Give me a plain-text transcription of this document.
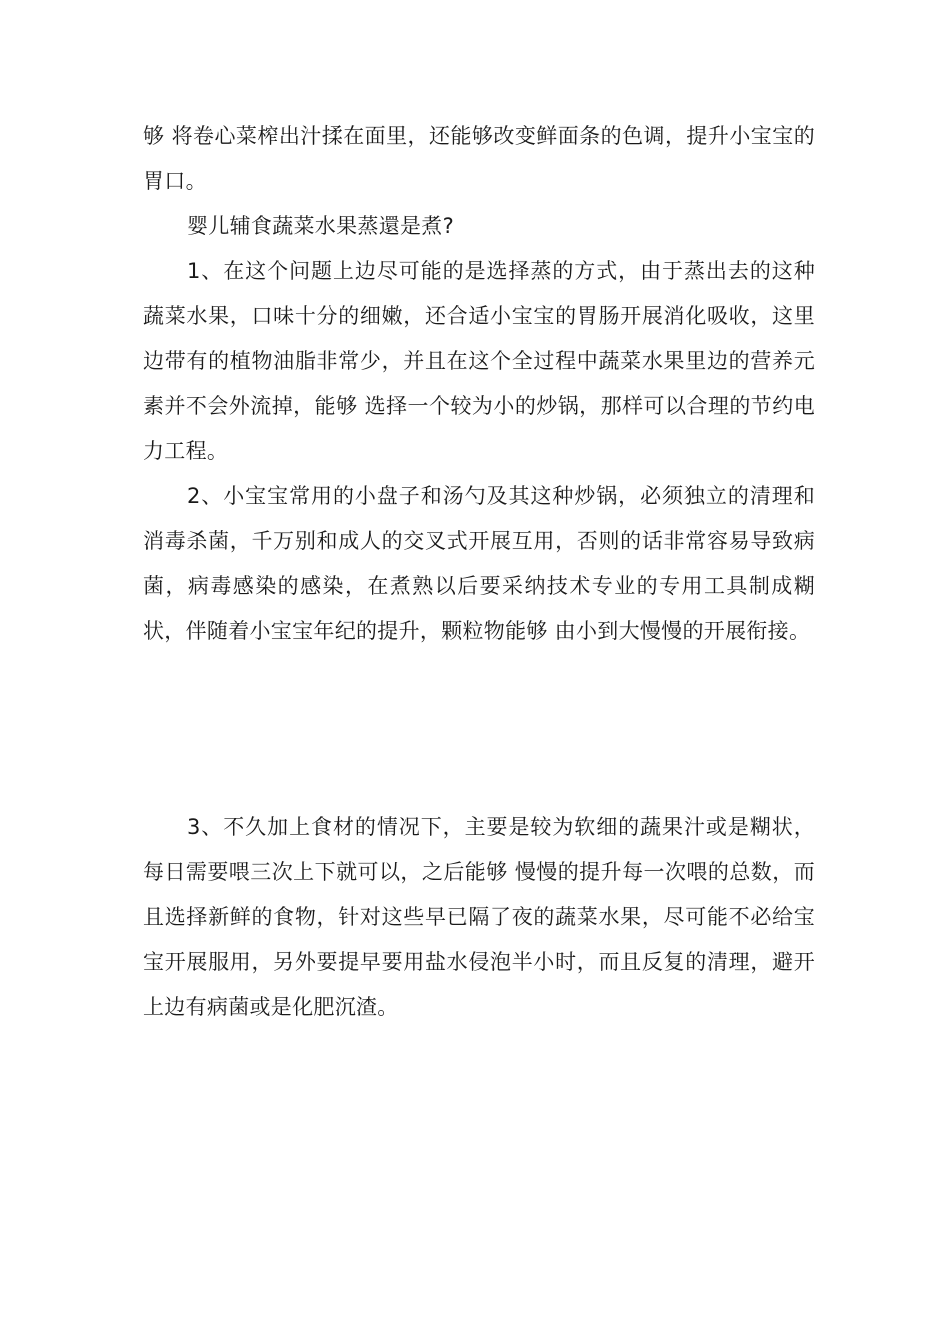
够 将卷心菜榨出汁揉在面里，还能够改变鲜面条的色调，提升小宝宝的胃口。

婴儿辅食蔬菜水果蒸還是煮?

1、在这个问题上边尽可能的是选择蒸的方式，由于蒸出去的这种蔬菜水果，口味十分的细嫩，还合适小宝宝的胃肠开展消化吸收，这里边带有的植物油脂非常少，并且在这个全过程中蔬菜水果里边的营养元素并不会外流掉，能够 选择一个较为小的炒锅，那样可以合理的节约电力工程。

2、小宝宝常用的小盘子和汤勺及其这种炒锅，必须独立的清理和消毒杀菌，千万别和成人的交叉式开展互用，否则的话非常容易导致病菌，病毒感染的感染，在煮熟以后要采纳技术专业的专用工具制成糊状，伴随着小宝宝年纪的提升，颗粒物能够 由小到大慢慢的开展衔接。

3、不久加上食材的情况下，主要是较为软细的蔬果汁或是糊状，每日需要喂三次上下就可以，之后能够 慢慢的提升每一次喂的总数，而且选择新鲜的食物，针对这些早已隔了夜的蔬菜水果，尽可能不必给宝宝开展服用，另外要提早要用盐水侵泡半小时，而且反复的清理，避开 上边有病菌或是化肥沉渣。
